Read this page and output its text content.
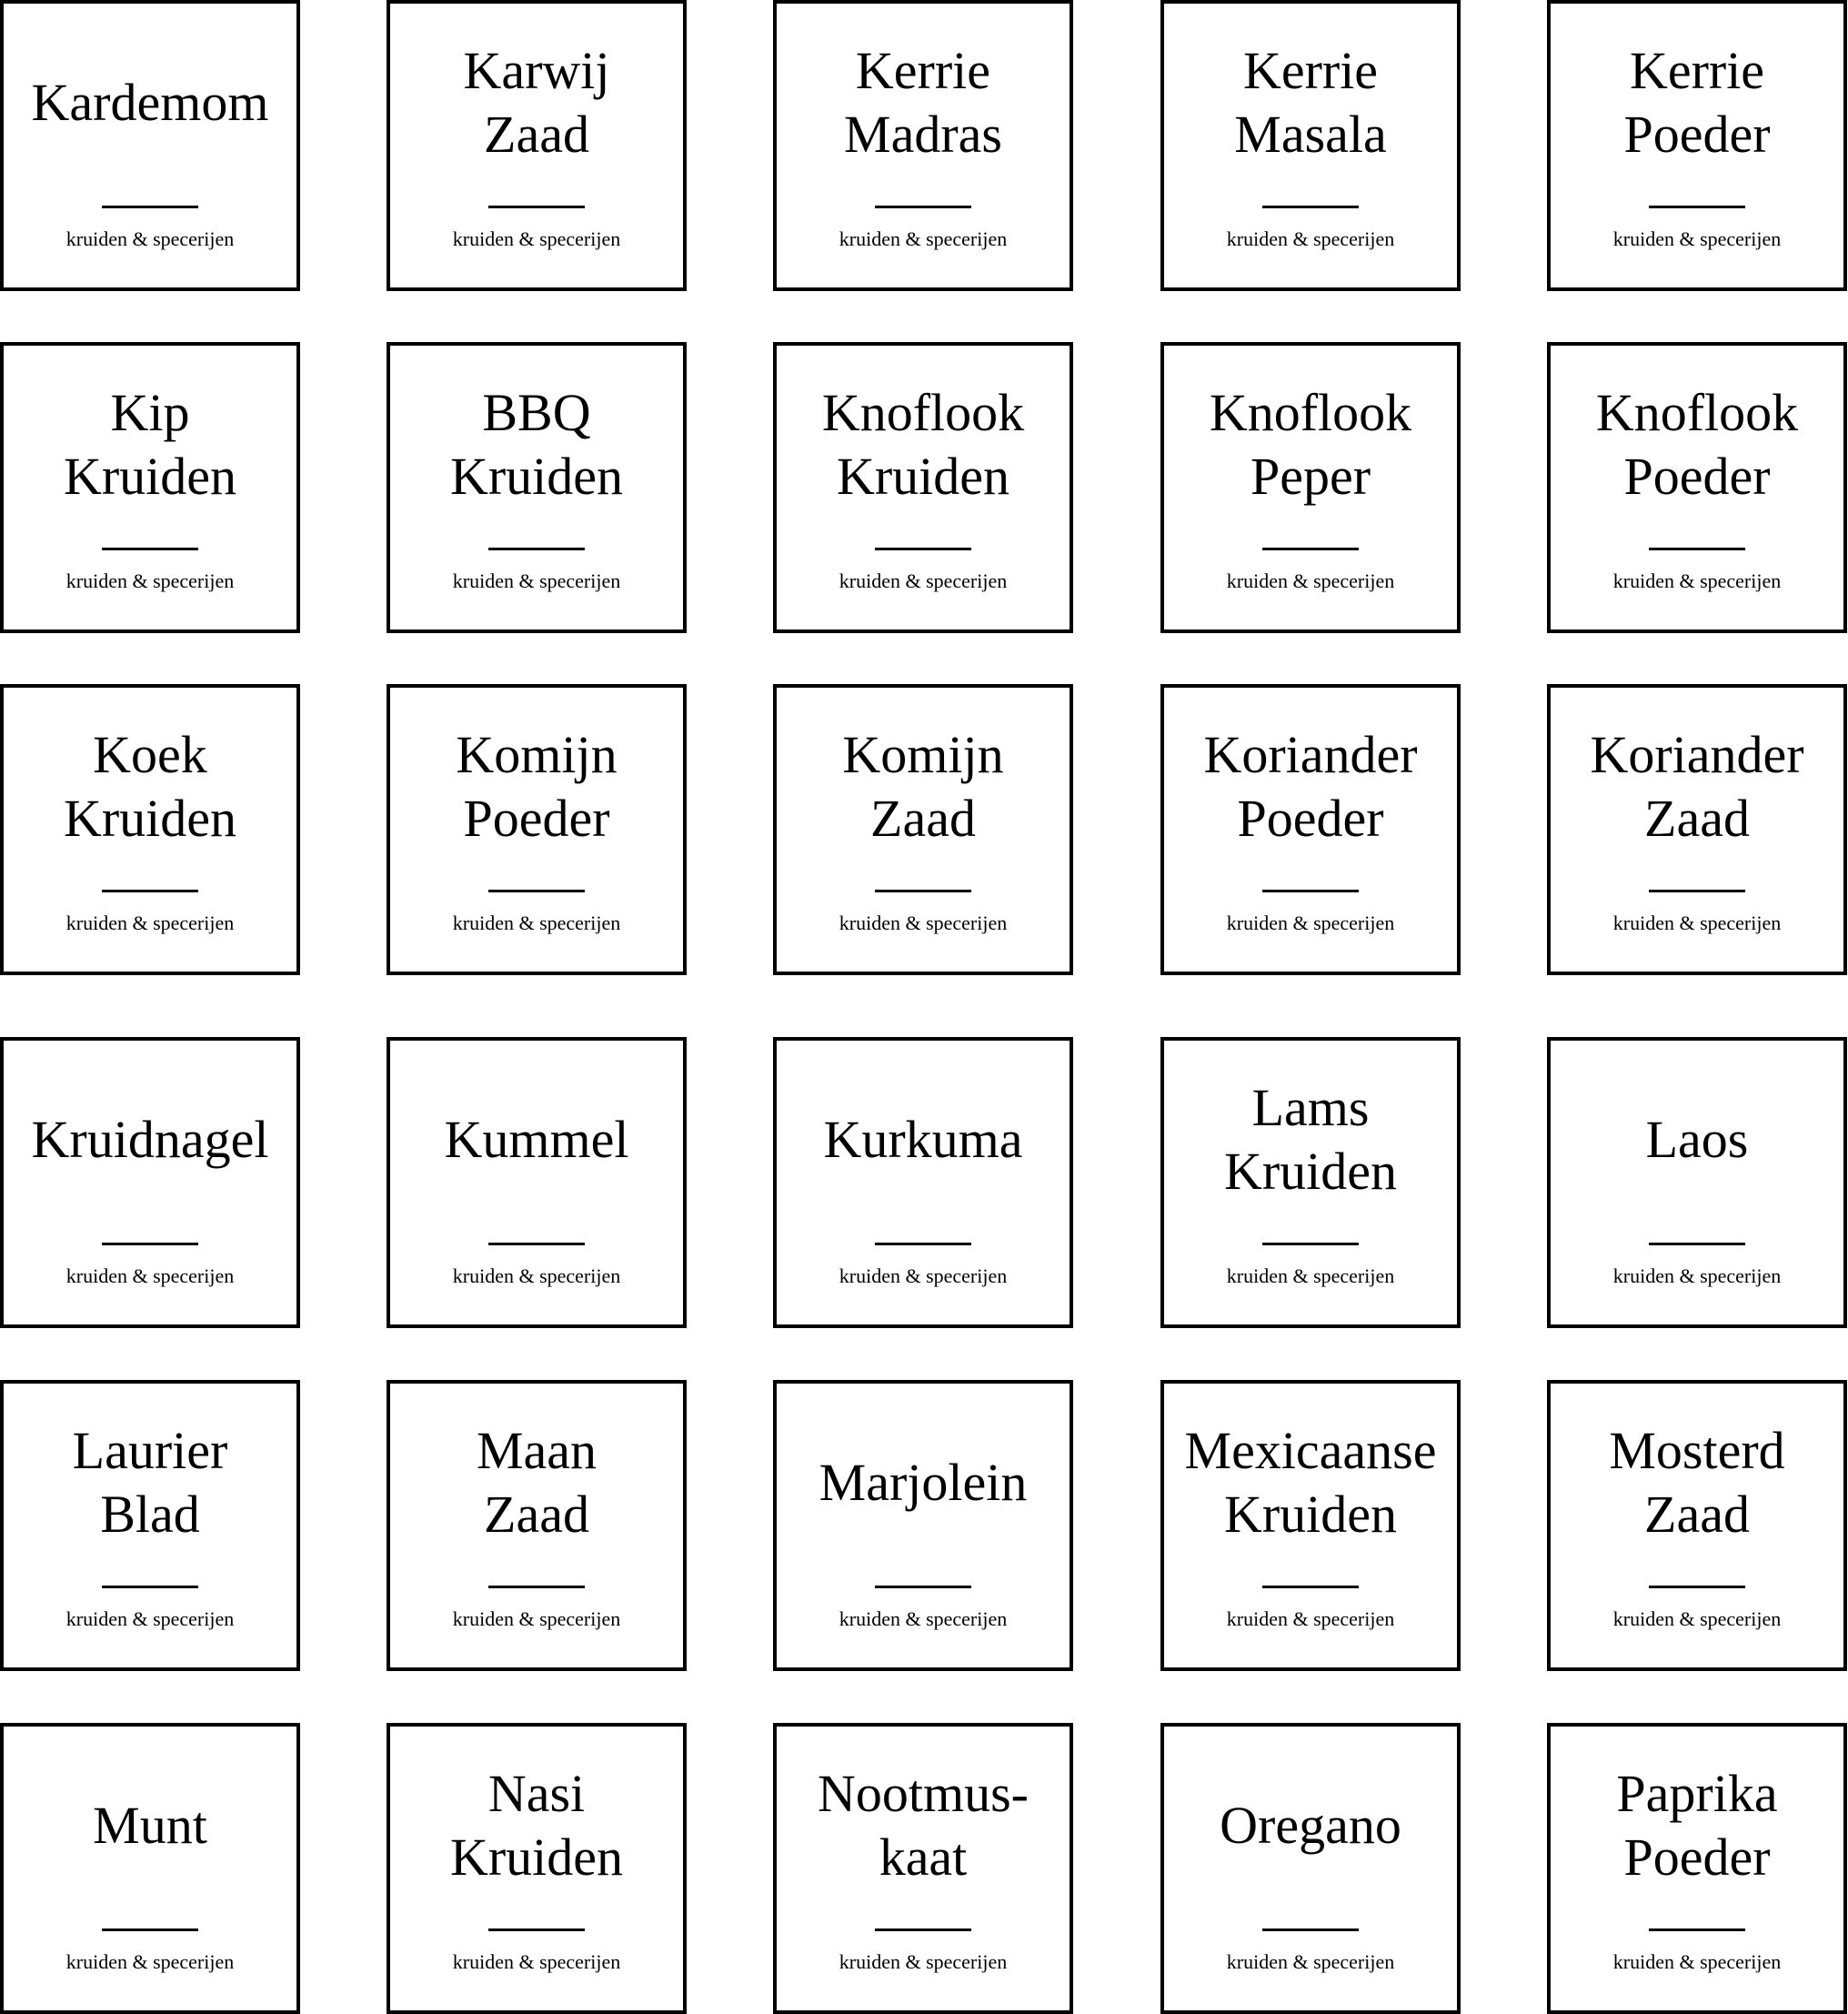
Kardemom
kruiden & specerijen
Karwij
Zaad
kruiden & specerijen
Kerrie
Madras
kruiden & specerijen
Kerrie
Masala
kruiden & specerijen
Kerrie
Poeder
kruiden & specerijen
Kip
Kruiden
kruiden & specerijen
BBQ
Kruiden
kruiden & specerijen
Knoflook
Kruiden
kruiden & specerijen
Knoflook
Peper
kruiden & specerijen
Knoflook
Poeder
kruiden & specerijen
Koek
Kruiden
kruiden & specerijen
Komijn
Poeder
kruiden & specerijen
Komijn
Zaad
kruiden & specerijen
Koriander
Poeder
kruiden & specerijen
Koriander
Zaad
kruiden & specerijen
Kruidnagel
kruiden & specerijen
Kummel
kruiden & specerijen
Kurkuma
kruiden & specerijen
Lams
Kruiden
kruiden & specerijen
Laos
kruiden & specerijen
Laurier
Blad
kruiden & specerijen
Maan
Zaad
kruiden & specerijen
Marjolein
kruiden & specerijen
Mexicaanse
Kruiden
kruiden & specerijen
Mosterd
Zaad
kruiden & specerijen
Munt
kruiden & specerijen
Nasi
Kruiden
kruiden & specerijen
Nootmus-
kaat
kruiden & specerijen
Oregano
kruiden & specerijen
Paprika
Poeder
kruiden & specerijen
